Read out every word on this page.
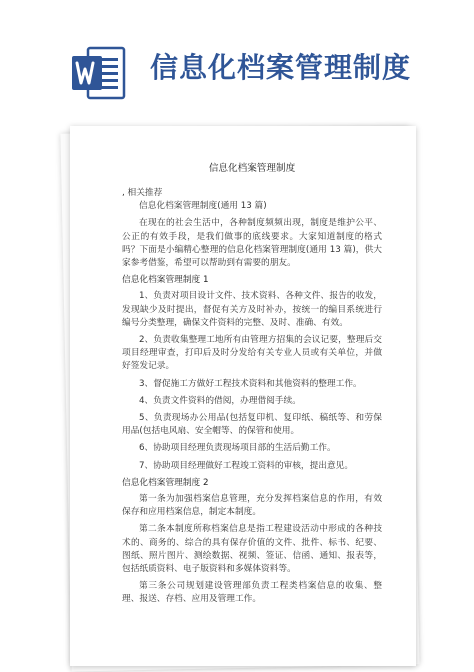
信息化档案管理制度
信息化档案管理制度

, 相关推荐

信息化档案管理制度(通用 13 篇)

在现在的社会生活中，各种制度频频出现，制度是维护公平、公正的有效手段，是我们做事的底线要求。大家知道制度的格式吗？下面是小编精心整理的信息化档案管理制度(通用 13 篇)，供大家参考借鉴，希望可以帮助到有需要的朋友。

信息化档案管理制度 1

1、负责对项目设计文件、技术资料、各种文件、报告的收发，发现缺少及时提出，督促有关方及时补办，按统一的编目系统进行编号分类整理，确保文件资料的完整、及时、准确、有效。

2、负责收集整理工地所有由管理方招集的会议记要，整理后交项目经理审查，打印后及时分发给有关专业人员或有关单位，并做好签发记录。

3、督促施工方做好工程技术资料和其他资料的整理工作。

4、负责文件资料的借阅，办理借阅手续。

5、负责现场办公用品(包括复印机、复印纸、稿纸等、和劳保用品(包括电风扇、安全帽等、的保管和使用。

6、协助项目经理负责现场项目部的生活后勤工作。

7、协助项目经理做好工程竣工资料的审核，提出意见。

信息化档案管理制度 2

第一条为加强档案信息管理，充分发挥档案信息的作用，有效保存和应用档案信息，制定本制度。

第二条本制度所称档案信息是指工程建设活动中形成的各种技术的、商务的、综合的具有保存价值的文件、批件、标书、纪要、图纸、照片图片、测绘数据、视频、签证、信函、通知、报表等，包括纸质资料、电子版资料和多媒体资料等。

第三条公司规划建设管理部负责工程类档案信息的收集、整理、报送、存档、应用及管理工作。
